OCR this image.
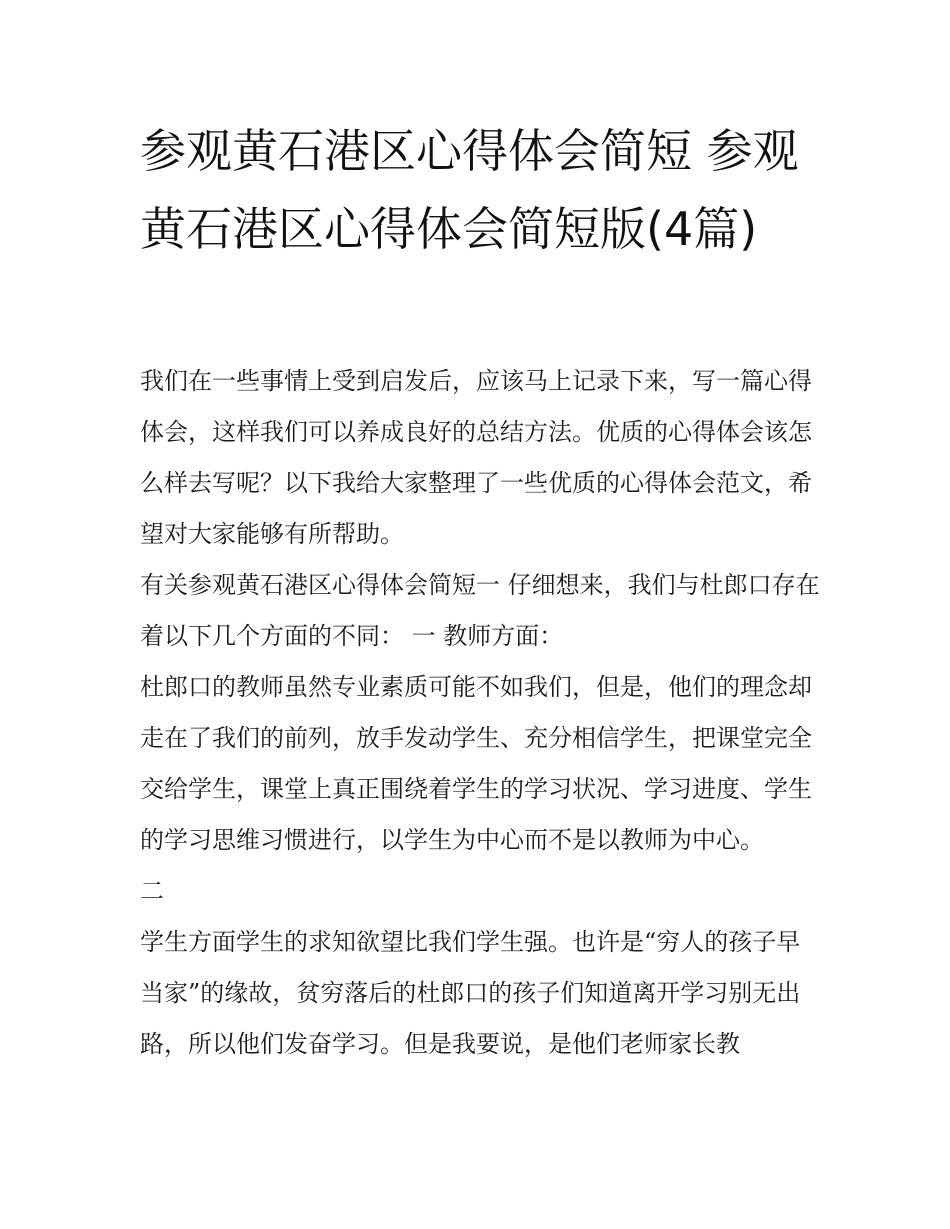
参观黄石港区心得体会简短 参观黄石港区心得体会简短版(4篇)

我们在一些事情上受到启发后，应该马上记录下来，写一篇心得体会，这样我们可以养成良好的总结方法。优质的心得体会该怎么样去写呢？以下我给大家整理了一些优质的心得体会范文，希望对大家能够有所帮助。

有关参观黄石港区心得体会简短一 仔细想来，我们与杜郎口存在着以下几个方面的不同： 一 教师方面：

杜郎口的教师虽然专业素质可能不如我们，但是，他们的理念却走在了我们的前列，放手发动学生、充分相信学生，把课堂完全交给学生，课堂上真正围绕着学生的学习状况、学习进度、学生的学习思维习惯进行，以学生为中心而不是以教师为中心。

二

学生方面学生的求知欲望比我们学生强。也许是“穷人的孩子早当家”的缘故，贫穷落后的杜郎口的孩子们知道离开学习别无出路，所以他们发奋学习。但是我要说，是他们老师家长教
